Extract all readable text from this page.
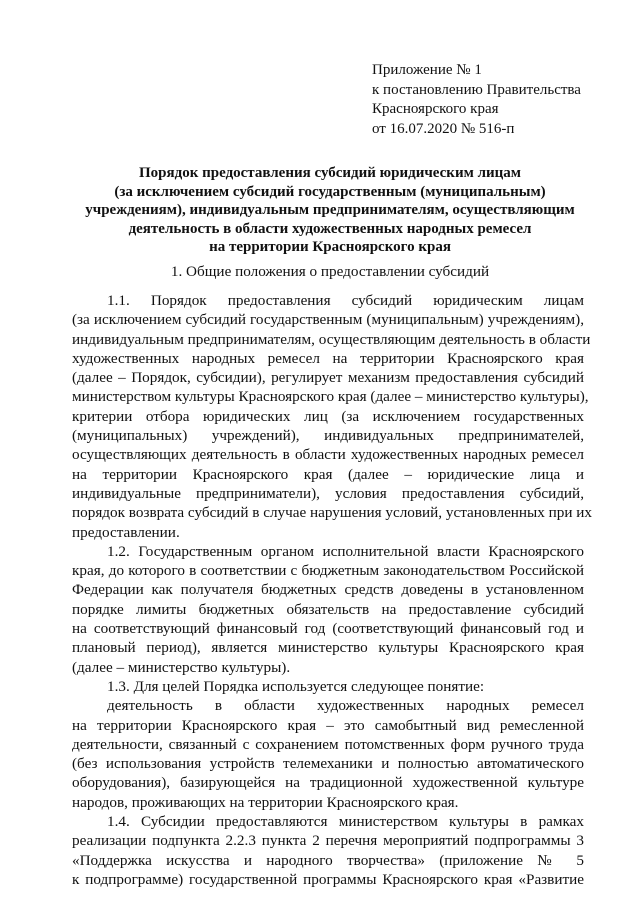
Приложение № 1
к постановлению Правительства
Красноярского края
от 16.07.2020 № 516-п
Порядок предоставления субсидий юридическим лицам
(за исключением субсидий государственным (муниципальным)
учреждениям), индивидуальным предпринимателям, осуществляющим
деятельность в области художественных народных ремесел
на территории Красноярского края
1. Общие положения о предоставлении субсидий

1.1. Порядок предоставления субсидий юридическим лицам
(за исключением субсидий государственным (муниципальным) учреждениям),
индивидуальным предпринимателям, осуществляющим деятельность в области
художественных народных ремесел на территории Красноярского края
(далее – Порядок, субсидии), регулирует механизм предоставления субсидий
министерством культуры Красноярского края (далее – министерство культуры),
критерии отбора юридических лиц (за исключением государственных
(муниципальных) учреждений), индивидуальных предпринимателей,
осуществляющих деятельность в области художественных народных ремесел
на территории Красноярского края (далее – юридические лица и
индивидуальные предприниматели), условия предоставления субсидий,
порядок возврата субсидий в случае нарушения условий, установленных при их
предоставлении.

1.2. Государственным органом исполнительной власти Красноярского
края, до которого в соответствии с бюджетным законодательством Российской
Федерации как получателя бюджетных средств доведены в установленном
порядке лимиты бюджетных обязательств на предоставление субсидий
на соответствующий финансовый год (соответствующий финансовый год и
плановый период), является министерство культуры Красноярского края
(далее – министерство культуры).

1.3. Для целей Порядка используется следующее понятие:

деятельность в области художественных народных ремесел
на территории Красноярского края – это самобытный вид ремесленной
деятельности, связанный с сохранением потомственных форм ручного труда
(без использования устройств телемеханики и полностью автоматического
оборудования), базирующейся на традиционной художественной культуре
народов, проживающих на территории Красноярского края.

1.4. Субсидии предоставляются министерством культуры в рамках
реализации подпункта 2.2.3 пункта 2 перечня мероприятий подпрограммы 3
«Поддержка искусства и народного творчества» (приложение № 5
к подпрограмме) государственной программы Красноярского края «Развитие
